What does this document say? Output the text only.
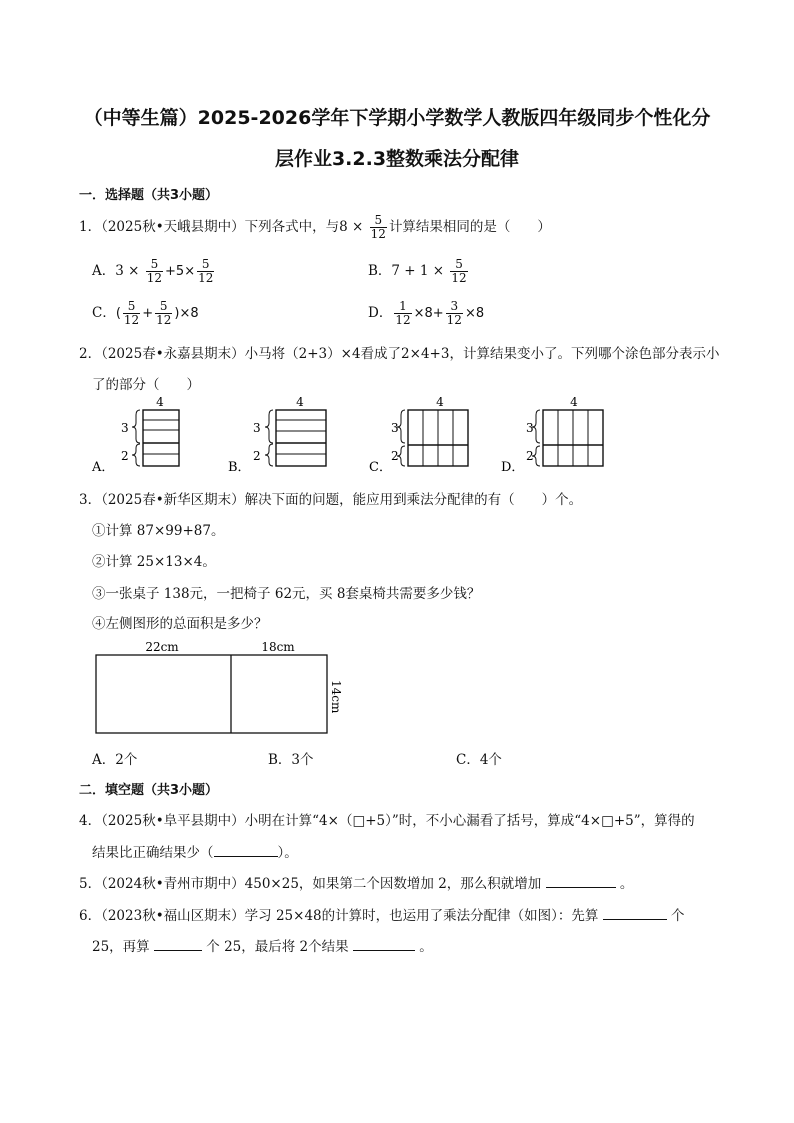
（中等生篇）2025-2026学年下学期小学数学人教版四年级同步个性化分
层作业3.2.3整数乘法分配律
一．选择题（共3小题）
1．（2025秋•天峨县期中）下列各式中，与$8 \times \frac{5}{12}$ 计算结果相同的是（　　）
A．$3 \times \frac{5}{12} +5\times \frac{5}{12}$	B．$7 + 1 \times \frac{5}{12}$
C．( $\frac{5}{12} + \frac{5}{12} )\times 8$	D． $\frac{1}{12} \times 8+ \frac{3}{12} \times 8$
2．（2025春•永嘉县期末）小马将（2+3）×4看成了2×4+3，计算结果变小了。下列哪个涂色部分表示小
了的部分（　　）
A．
4
3
2
B．
4
3
2
C．
4
3
2
D．
4
3
2
3．（2025春•新华区期末）解决下面的问题，能应用到乘法分配律的有（　　）个。
①计算 87×99+87。
②计算 25×13×4。
③一张桌子 138元，一把椅子 62元，买 8套桌椅共需要多少钱？
④左侧图形的总面积是多少？
22cm	18cm
14cm
A．2个	B．3个	C．4个
二．填空题（共3小题）
4．（2025秋•阜平县期中）小明在计算“4×（□+5）”时，不小心漏看了括号，算成“4×□+5”，算得的
结果比正确结果少（	）。
5．（2024秋•青州市期中）450×25，如果第二个因数增加 2，那么积就增加	。
6．（2023秋•福山区期末）学习 25×48的计算时，也运用了乘法分配律（如图）：先算	个
25，再算	个 25，最后将 2个结果	。
